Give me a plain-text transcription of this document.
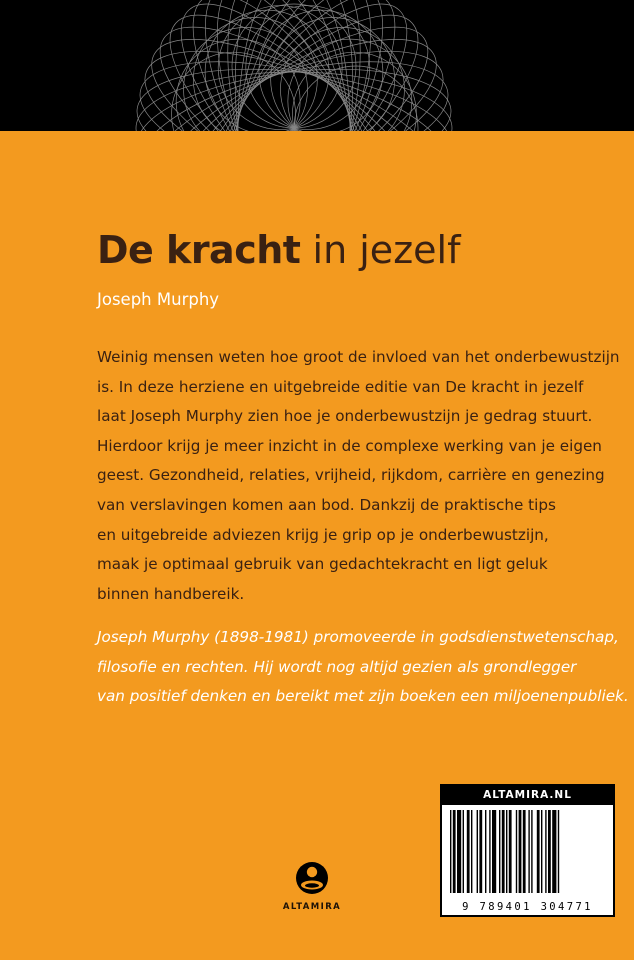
De kracht in jezelf
Joseph Murphy

Weinig mensen weten hoe groot de invloed van het onderbewustzijn

is. In deze herziene en uitgebreide editie van De kracht in jezelf

laat Joseph Murphy zien hoe je onderbewustzijn je gedrag stuurt.

Hierdoor krijg je meer inzicht in de complexe werking van je eigen

geest. Gezondheid, relaties, vrijheid, rijkdom, carrière en genezing

van verslavingen komen aan bod. Dankzij de praktische tips

en uitgebreide adviezen krijg je grip op je onderbewustzijn,

maak je optimaal gebruik van gedachtekracht en ligt geluk

binnen handbereik.

Joseph Murphy (1898-1981) promoveerde in godsdienstwetenschap,

filosofie en rechten. Hij wordt nog altijd gezien als grondlegger

van positief denken en bereikt met zijn boeken een miljoenenpubliek.

ALTAMIRA
ALTAMIRA.NL
9 789401 304771
